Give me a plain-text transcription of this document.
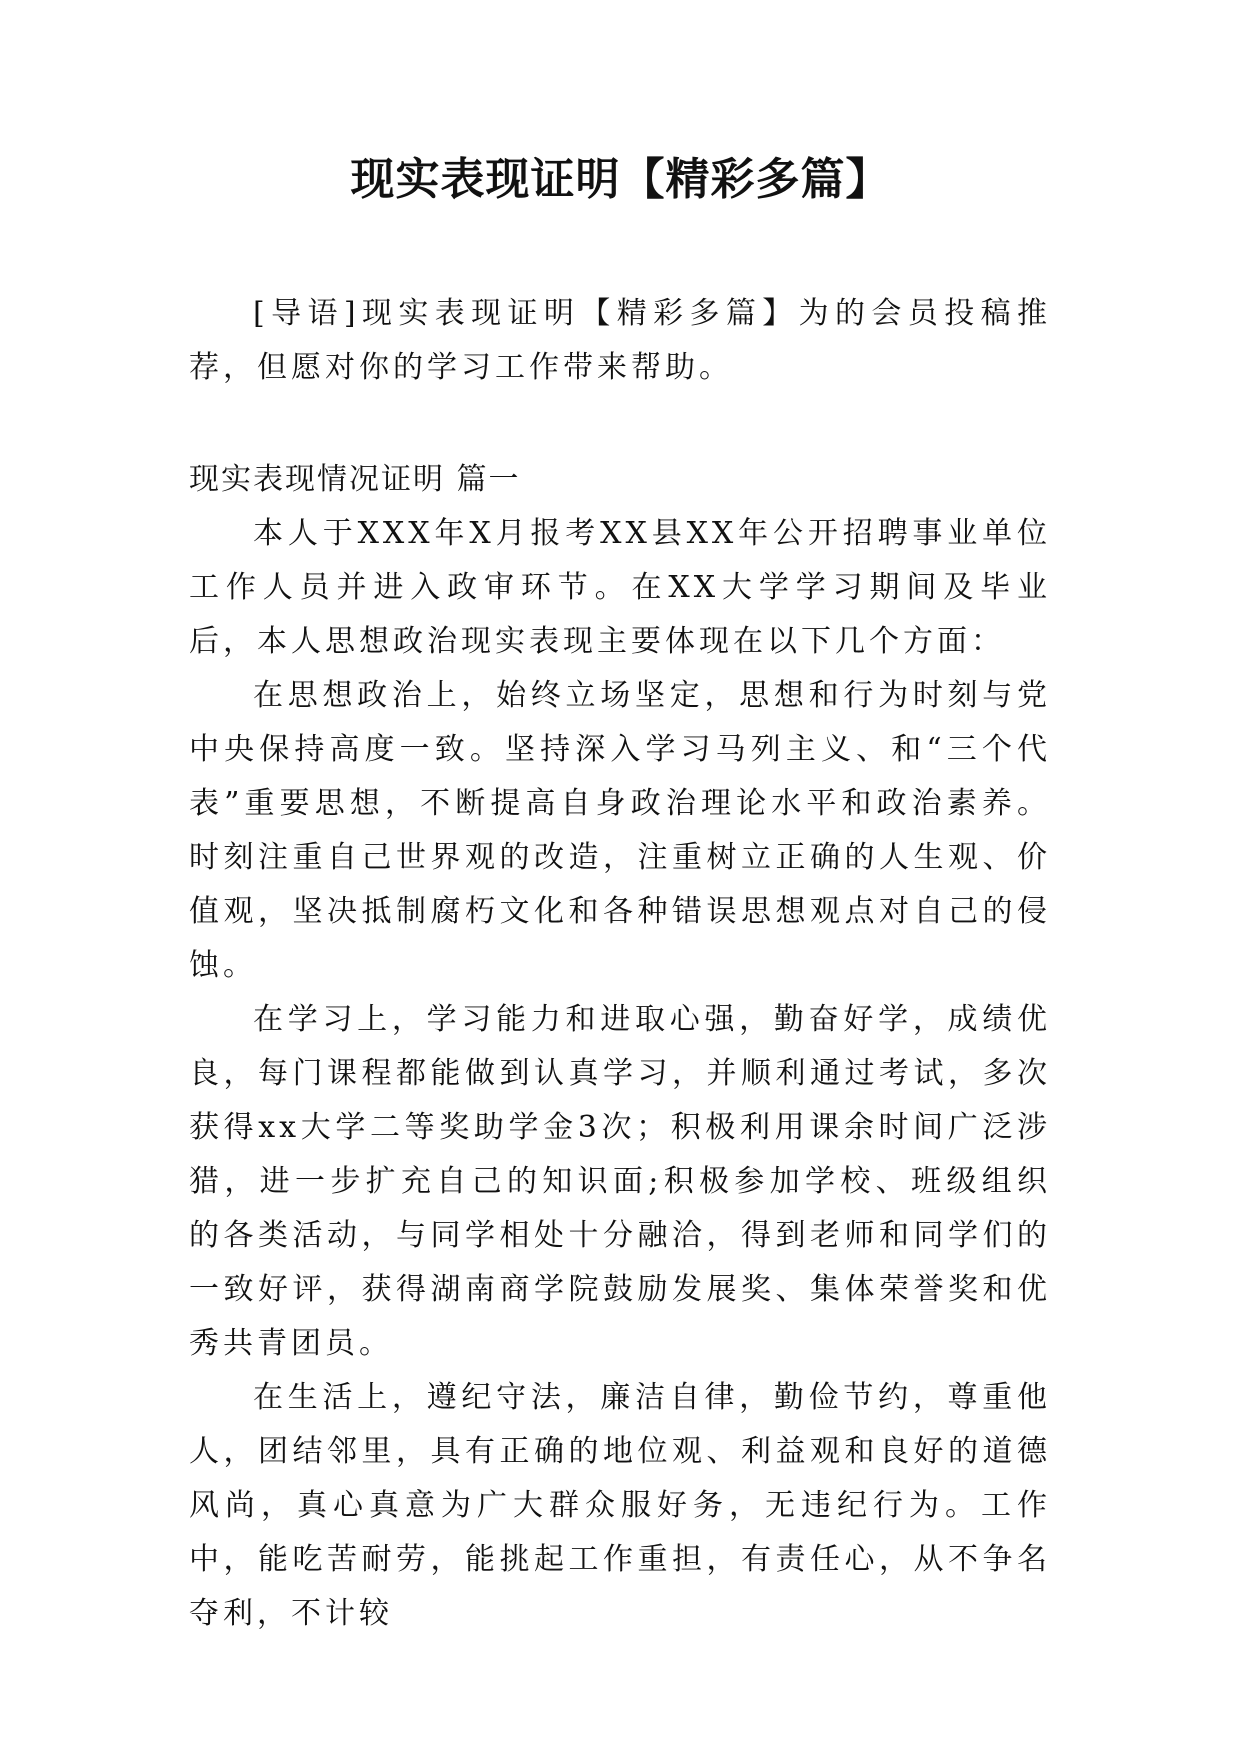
现实表现证明【精彩多篇】

[导语]现实表现证明【精彩多篇】为的会员投稿推荐，但愿对你的学习工作带来帮助。

现实表现情况证明 篇一

本人于XXX年X月报考XX县XX年公开招聘事业单位工作人员并进入政审环节。在XX大学学习期间及毕业后，本人思想政治现实表现主要体现在以下几个方面：

在思想政治上，始终立场坚定，思想和行为时刻与党中央保持高度一致。坚持深入学习马列主义、和“三个代表”重要思想，不断提高自身政治理论水平和政治素养。时刻注重自己世界观的改造，注重树立正确的人生观、价值观，坚决抵制腐朽文化和各种错误思想观点对自己的侵蚀。

在学习上，学习能力和进取心强，勤奋好学，成绩优良，每门课程都能做到认真学习，并顺利通过考试，多次获得xx大学二等奖助学金3次；积极利用课余时间广泛涉猎，进一步扩充自己的知识面;积极参加学校、班级组织的各类活动，与同学相处十分融洽，得到老师和同学们的一致好评，获得湖南商学院鼓励发展奖、集体荣誉奖和优秀共青团员。

在生活上，遵纪守法，廉洁自律，勤俭节约，尊重他人，团结邻里，具有正确的地位观、利益观和良好的道德风尚，真心真意为广大群众服好务，无违纪行为。工作中，能吃苦耐劳，能挑起工作重担，有责任心，从不争名夺利，不计较
